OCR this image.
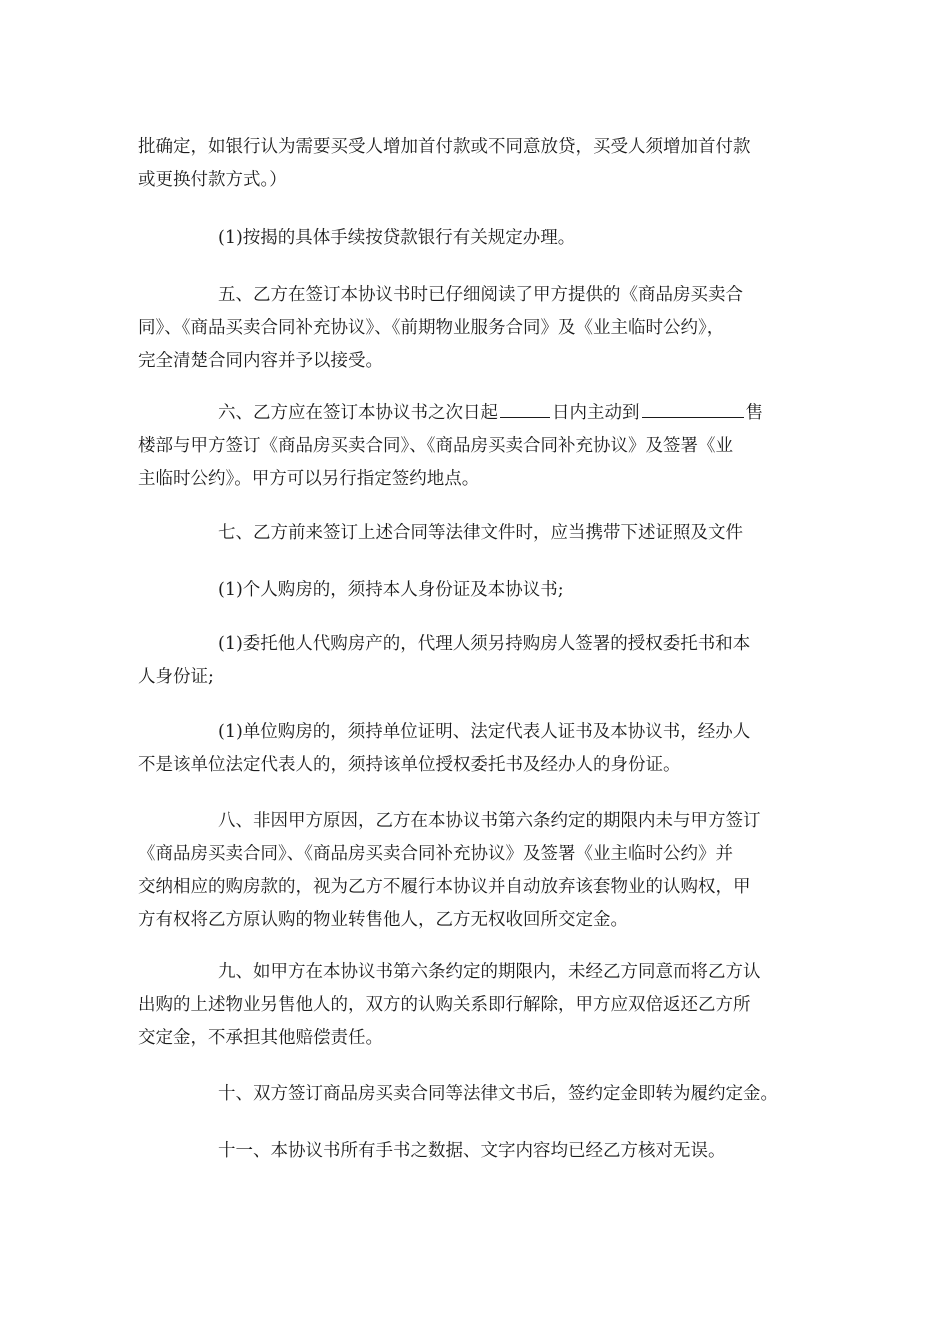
批确定，如银行认为需要买受人增加首付款或不同意放贷，买受人须增加首付款
或更换付款方式。）
(1)按揭的具体手续按贷款银行有关规定办理。
五、乙方在签订本协议书时已仔细阅读了甲方提供的《商品房买卖合
同》、《商品买卖合同补充协议》、《前期物业服务合同》及《业主临时公约》，
完全清楚合同内容并予以接受。
六、乙方应在签订本协议书之次日起	日内主动到	售
楼部与甲方签订《商品房买卖合同》、《商品房买卖合同补充协议》及签署《业
主临时公约》。甲方可以另行指定签约地点。
七、乙方前来签订上述合同等法律文件时，应当携带下述证照及文件
(1)个人购房的，须持本人身份证及本协议书;
(1)委托他人代购房产的，代理人须另持购房人签署的授权委托书和本
人身份证;
(1)单位购房的，须持单位证明、法定代表人证书及本协议书，经办人
不是该单位法定代表人的，须持该单位授权委托书及经办人的身份证。
八、非因甲方原因，乙方在本协议书第六条约定的期限内未与甲方签订
《商品房买卖合同》、《商品房买卖合同补充协议》及签署《业主临时公约》并
交纳相应的购房款的，视为乙方不履行本协议并自动放弃该套物业的认购权，甲
方有权将乙方原认购的物业转售他人，乙方无权收回所交定金。
九、如甲方在本协议书第六条约定的期限内，未经乙方同意而将乙方认
出购的上述物业另售他人的，双方的认购关系即行解除，甲方应双倍返还乙方所
交定金，不承担其他赔偿责任。
十、双方签订商品房买卖合同等法律文书后，签约定金即转为履约定金。
十一、本协议书所有手书之数据、文字内容均已经乙方核对无误。
